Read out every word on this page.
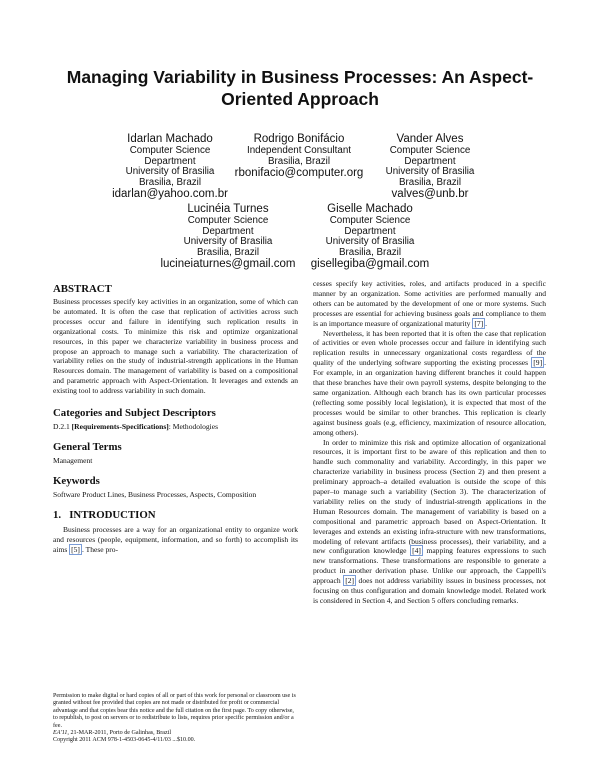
Managing Variability in Business Processes: An Aspect-Oriented Approach
Idarlan Machado
Computer Science
Department
University of Brasilia
Brasilia, Brazil
idarlan@yahoo.com.br
Rodrigo Bonifácio
Independent Consultant
Brasilia, Brazil
rbonifacio@computer.org
Vander Alves
Computer Science
Department
University of Brasilia
Brasilia, Brazil
valves@unb.br
Lucinéia Turnes
Computer Science
Department
University of Brasilia
Brasilia, Brazil
lucineiaturnes@gmail.com
Giselle Machado
Computer Science
Department
University of Brasilia
Brasilia, Brazil
gisellegiba@gmail.com
ABSTRACT

Business processes specify key activities in an organization, some of which can be automated. It is often the case that replication of activities across such processes occur and failure in identifying such replication results in organizational costs. To minimize this risk and optimize organizational resources, in this paper we characterize variability in business process and propose an approach to manage such a variability. The characterization of variability relies on the study of industrial-strength applications in the Human Resources domain. The management of variability is based on a compositional and parametric approach with Aspect-Orientation. It leverages and extends an existing tool to address variability in such domain.

Categories and Subject Descriptors

D.2.1 [Requirements-Specifications]: Methodologies

General Terms

Management

Keywords

Software Product Lines, Business Processes, Aspects, Composition

1.   INTRODUCTION

Business processes are a way for an organizational entity to organize work and resources (people, equipment, information, and so forth) to accomplish its aims [5] . These pro-

Permission to make digital or hard copies of all or part of this work for personal or classroom use is granted without fee provided that copies are not made or distributed for profit or commercial advantage and that copies bear this notice and the full citation on the first page. To copy otherwise, to republish, to post on servers or to redistribute to lists, requires prior specific permission and/or a fee.
EA'11, 21-MAR-2011, Porto de Galinhas, Brazil
Copyright 2011 ACM 978-1-4503-0645-4/11/03 ...$10.00.

cesses specify key activities, roles, and artifacts produced in a specific manner by an organization. Some activities are performed manually and others can be automated by the development of one or more systems. Such processes are essential for achieving business goals and compliance to them is an importance measure of organizational maturity [7] .

Nevertheless, it has been reported that it is often the case that replication of activities or even whole processes occur and failure in identifying such replication results in unnecessary organizational costs regardless of the quality of the underlying software supporting the existing processes [9] . For example, in an organization having different branches it could happen that these branches have their own payroll systems, despite belonging to the same organization. Although each branch has its own particular processes (reflecting some possibly local legislation), it is expected that most of the processes would be similar to other branches. This replication is clearly against business goals (e.g, efficiency, maximization of resource allocation, among others).

In order to minimize this risk and optimize allocation of organizational resources, it is important first to be aware of this replication and then to handle such commonality and variability. Accordingly, in this paper we characterize variability in business process (Section 2) and then present a preliminary approach–a detailed evaluation is outside the scope of this paper–to manage such a variability (Section 3). The characterization of variability relies on the study of industrial-strength applications in the Human Resources domain. The management of variability is based on a compositional and parametric approach based on Aspect-Orientation. It leverages and extends an existing infra-structure with new transformations, modeling of relevant artifacts (business processes), their variability, and a new configuration knowledge [4] mapping features expressions to such new transformations. These transformations are responsible to generate a product in another derivation phase. Unlike our approach, the Cappelli's approach [2] does not address variability issues in business processes, not focusing on thus configuration and domain knowledge model. Related work is considered in Section 4, and Section 5 offers concluding remarks.
